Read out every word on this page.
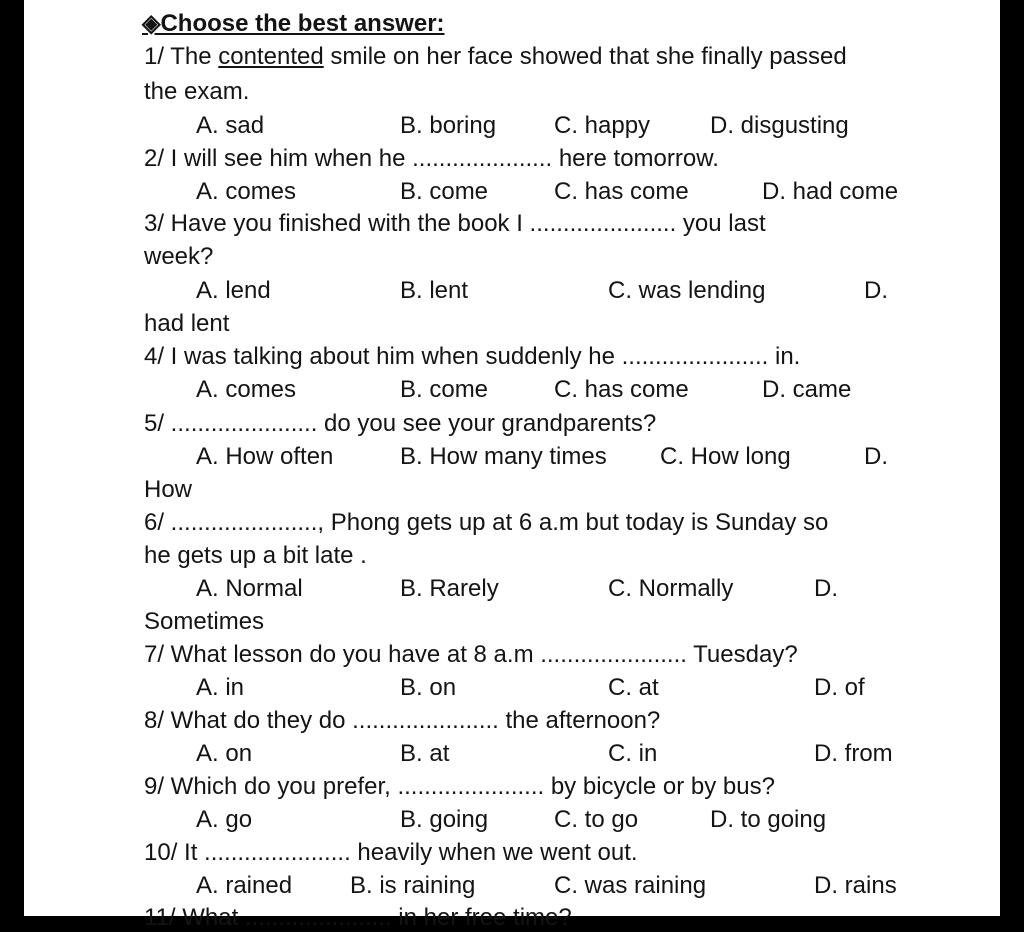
◈Choose the best answer:
1/ The contented smile on her face showed that she finally passed
the exam.
A. sad	B. boring C. happy D. disgusting
2/ I will see him when he ..................... here tomorrow.
A. comes	B. come	C. has come	D. had come
3/ Have you finished with the book I ...................... you last
week?
A. lend	B. lent	C. was lending	D.
had lent
4/ I was talking about him when suddenly he ...................... in.
A. comes	B. come	C. has come	D. came
5/ ...................... do you see your grandparents?
A. How often	B. How many times C. How long	D.
How
6/ ......................, Phong gets up at 6 a.m but today is Sunday so
he gets up a bit late .
A. Normal	B. Rarely	C. Normally	D.
Sometimes
7/ What lesson do you have at 8 a.m ...................... Tuesday?
A. in	B. on	C. at	D. of
8/ What do they do ...................... the afternoon?
A. on	B. at	C. in	D. from
9/ Which do you prefer, ...................... by bicycle or by bus?
A. go	B. going	C. to go	D. to going
10/ It ...................... heavily when we went out.
A. rained B. is raining	C. was raining	D. rains
11/ What ...................... in her free time?
